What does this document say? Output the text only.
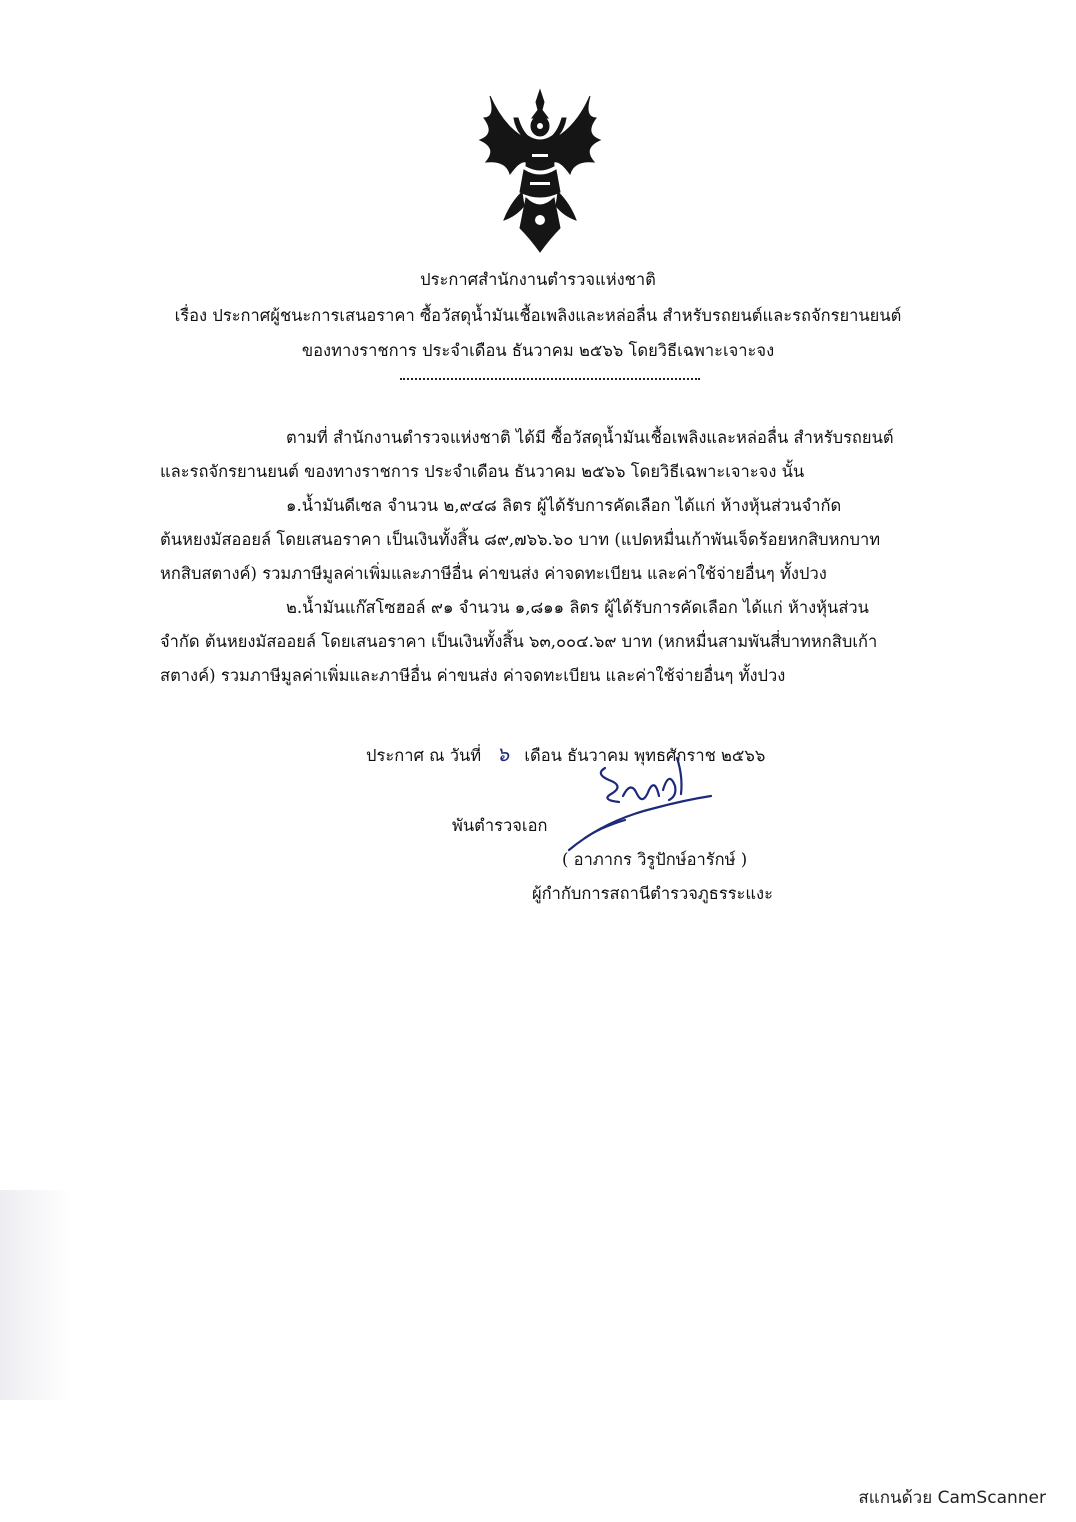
ประกาศสำนักงานตำรวจแห่งชาติ
เรื่อง ประกาศผู้ชนะการเสนอราคา ซื้อวัสดุน้ำมันเชื้อเพลิงและหล่อลื่น สำหรับรถยนต์และรถจักรยานยนต์
ของทางราชการ ประจำเดือน ธันวาคม ๒๕๖๖ โดยวิธีเฉพาะเจาะจง
ตามที่ สำนักงานตำรวจแห่งชาติ ได้มี ซื้อวัสดุน้ำมันเชื้อเพลิงและหล่อลื่น สำหรับรถยนต์
และรถจักรยานยนต์ ของทางราชการ ประจำเดือน ธันวาคม ๒๕๖๖ โดยวิธีเฉพาะเจาะจง นั้น
๑.น้ำมันดีเซล จำนวน ๒,๙๔๘ ลิตร ผู้ได้รับการคัดเลือก ได้แก่ ห้างหุ้นส่วนจำกัด
ต้นหยงมัสออยล์ โดยเสนอราคา เป็นเงินทั้งสิ้น ๘๙,๗๖๖.๖๐ บาท (แปดหมื่นเก้าพันเจ็ดร้อยหกสิบหกบาท
หกสิบสตางค์) รวมภาษีมูลค่าเพิ่มและภาษีอื่น ค่าขนส่ง ค่าจดทะเบียน และค่าใช้จ่ายอื่นๆ ทั้งปวง
๒.น้ำมันแก๊สโซฮอล์ ๙๑ จำนวน ๑,๘๑๑ ลิตร ผู้ได้รับการคัดเลือก ได้แก่ ห้างหุ้นส่วน
จำกัด ต้นหยงมัสออยล์ โดยเสนอราคา เป็นเงินทั้งสิ้น ๖๓,๐๐๔.๖๙ บาท (หกหมื่นสามพันสี่บาทหกสิบเก้า
สตางค์) รวมภาษีมูลค่าเพิ่มและภาษีอื่น ค่าขนส่ง ค่าจดทะเบียน และค่าใช้จ่ายอื่นๆ ทั้งปวง
ประกาศ ณ วันที่ ๖ เดือน ธันวาคม พุทธศักราช ๒๕๖๖
พันตำรวจเอก
( อาภากร วิรูปักษ์อารักษ์ )
ผู้กำกับการสถานีตำรวจภูธรระแงะ
สแกนด้วย CamScanner
